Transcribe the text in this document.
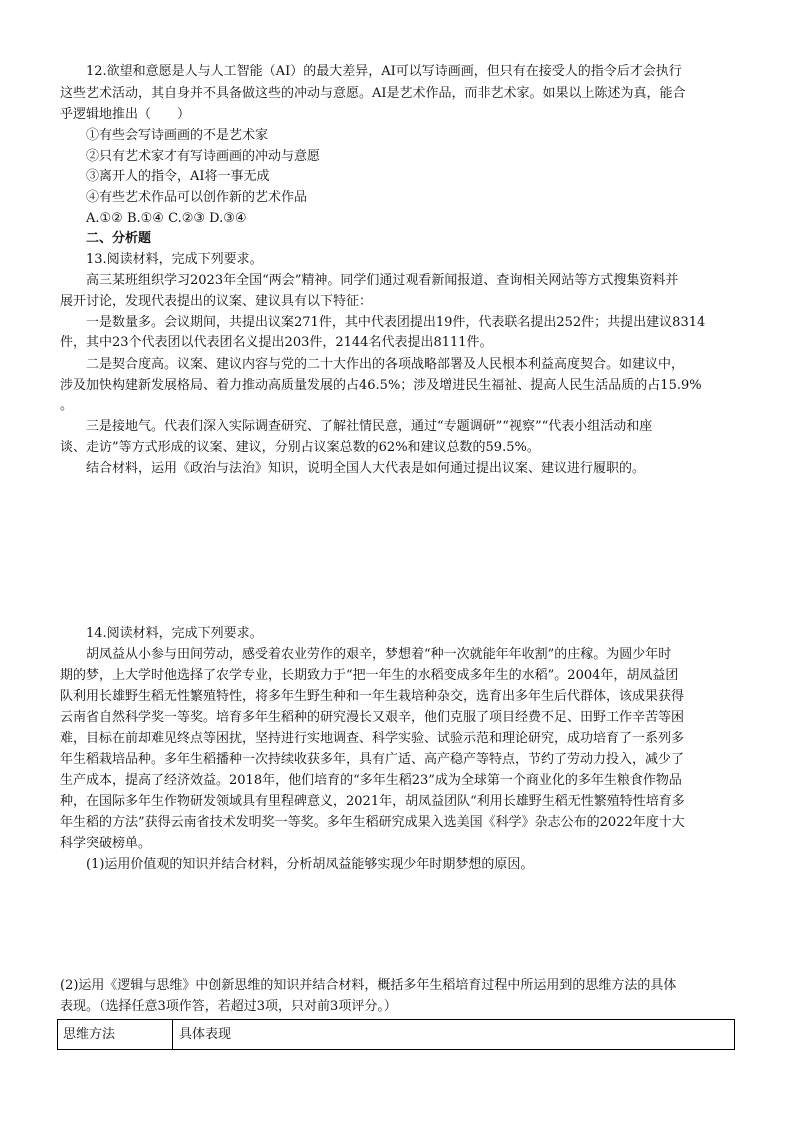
12.欲望和意愿是人与人工智能（AI）的最大差异，AI可以写诗画画，但只有在接受人的指令后才会执行
这些艺术活动，其自身并不具备做这些的冲动与意愿。AI是艺术作品，而非艺术家。如果以上陈述为真，能合
乎逻辑地推出（　　）
①有些会写诗画画的不是艺术家
②只有艺术家才有写诗画画的冲动与意愿
③离开人的指令，AI将一事无成
④有些艺术作品可以创作新的艺术作品
A.①② B.①④ C.②③ D.③④
二、分析题
13.阅读材料，完成下列要求。
高三某班组织学习2023年全国“两会”精神。同学们通过观看新闻报道、查询相关网站等方式搜集资料并
展开讨论，发现代表提出的议案、建议具有以下特征：
一是数量多。会议期间，共提出议案271件，其中代表团提出19件，代表联名提出252件；共提出建议8314
件，其中23个代表团以代表团名义提出203件，2144名代表提出8111件。
二是契合度高。议案、建议内容与党的二十大作出的各项战略部署及人民根本利益高度契合。如建议中，
涉及加快构建新发展格局、着力推动高质量发展的占46.5%；涉及增进民生福祉、提高人民生活品质的占15.9%
。
三是接地气。代表们深入实际调查研究、了解社情民意，通过“专题调研”“视察”“代表小组活动和座
谈、走访”等方式形成的议案、建议，分别占议案总数的62%和建议总数的59.5%。
结合材料，运用《政治与法治》知识，说明全国人大代表是如何通过提出议案、建议进行履职的。
14.阅读材料，完成下列要求。
胡凤益从小参与田间劳动，感受着农业劳作的艰辛，梦想着“种一次就能年年收割”的庄稼。为圆少年时
期的梦，上大学时他选择了农学专业，长期致力于“把一年生的水稻变成多年生的水稻”。2004年，胡凤益团
队利用长雄野生稻无性繁殖特性，将多年生野生种和一年生栽培种杂交，选育出多年生后代群体，该成果获得
云南省自然科学奖一等奖。培育多年生稻种的研究漫长又艰辛，他们克服了项目经费不足、田野工作辛苦等困
难，目标在前却难见终点等困扰，坚持进行实地调查、科学实验、试验示范和理论研究，成功培育了一系列多
年生稻栽培品种。多年生稻播种一次持续收获多年，具有广适、高产稳产等特点，节约了劳动力投入，减少了
生产成本，提高了经济效益。2018年，他们培育的“多年生稻23”成为全球第一个商业化的多年生粮食作物品
种，在国际多年生作物研发领域具有里程碑意义，2021年，胡凤益团队“利用长雄野生稻无性繁殖特性培育多
年生稻的方法”获得云南省技术发明奖一等奖。多年生稻研究成果入选美国《科学》杂志公布的2022年度十大
科学突破榜单。
(1)运用价值观的知识并结合材料，分析胡凤益能够实现少年时期梦想的原因。
(2)运用《逻辑与思维》中创新思维的知识并结合材料，概括多年生稻培育过程中所运用到的思维方法的具体
表现。（选择任意3项作答，若超过3项，只对前3项评分。）
思维方法	具体表现
